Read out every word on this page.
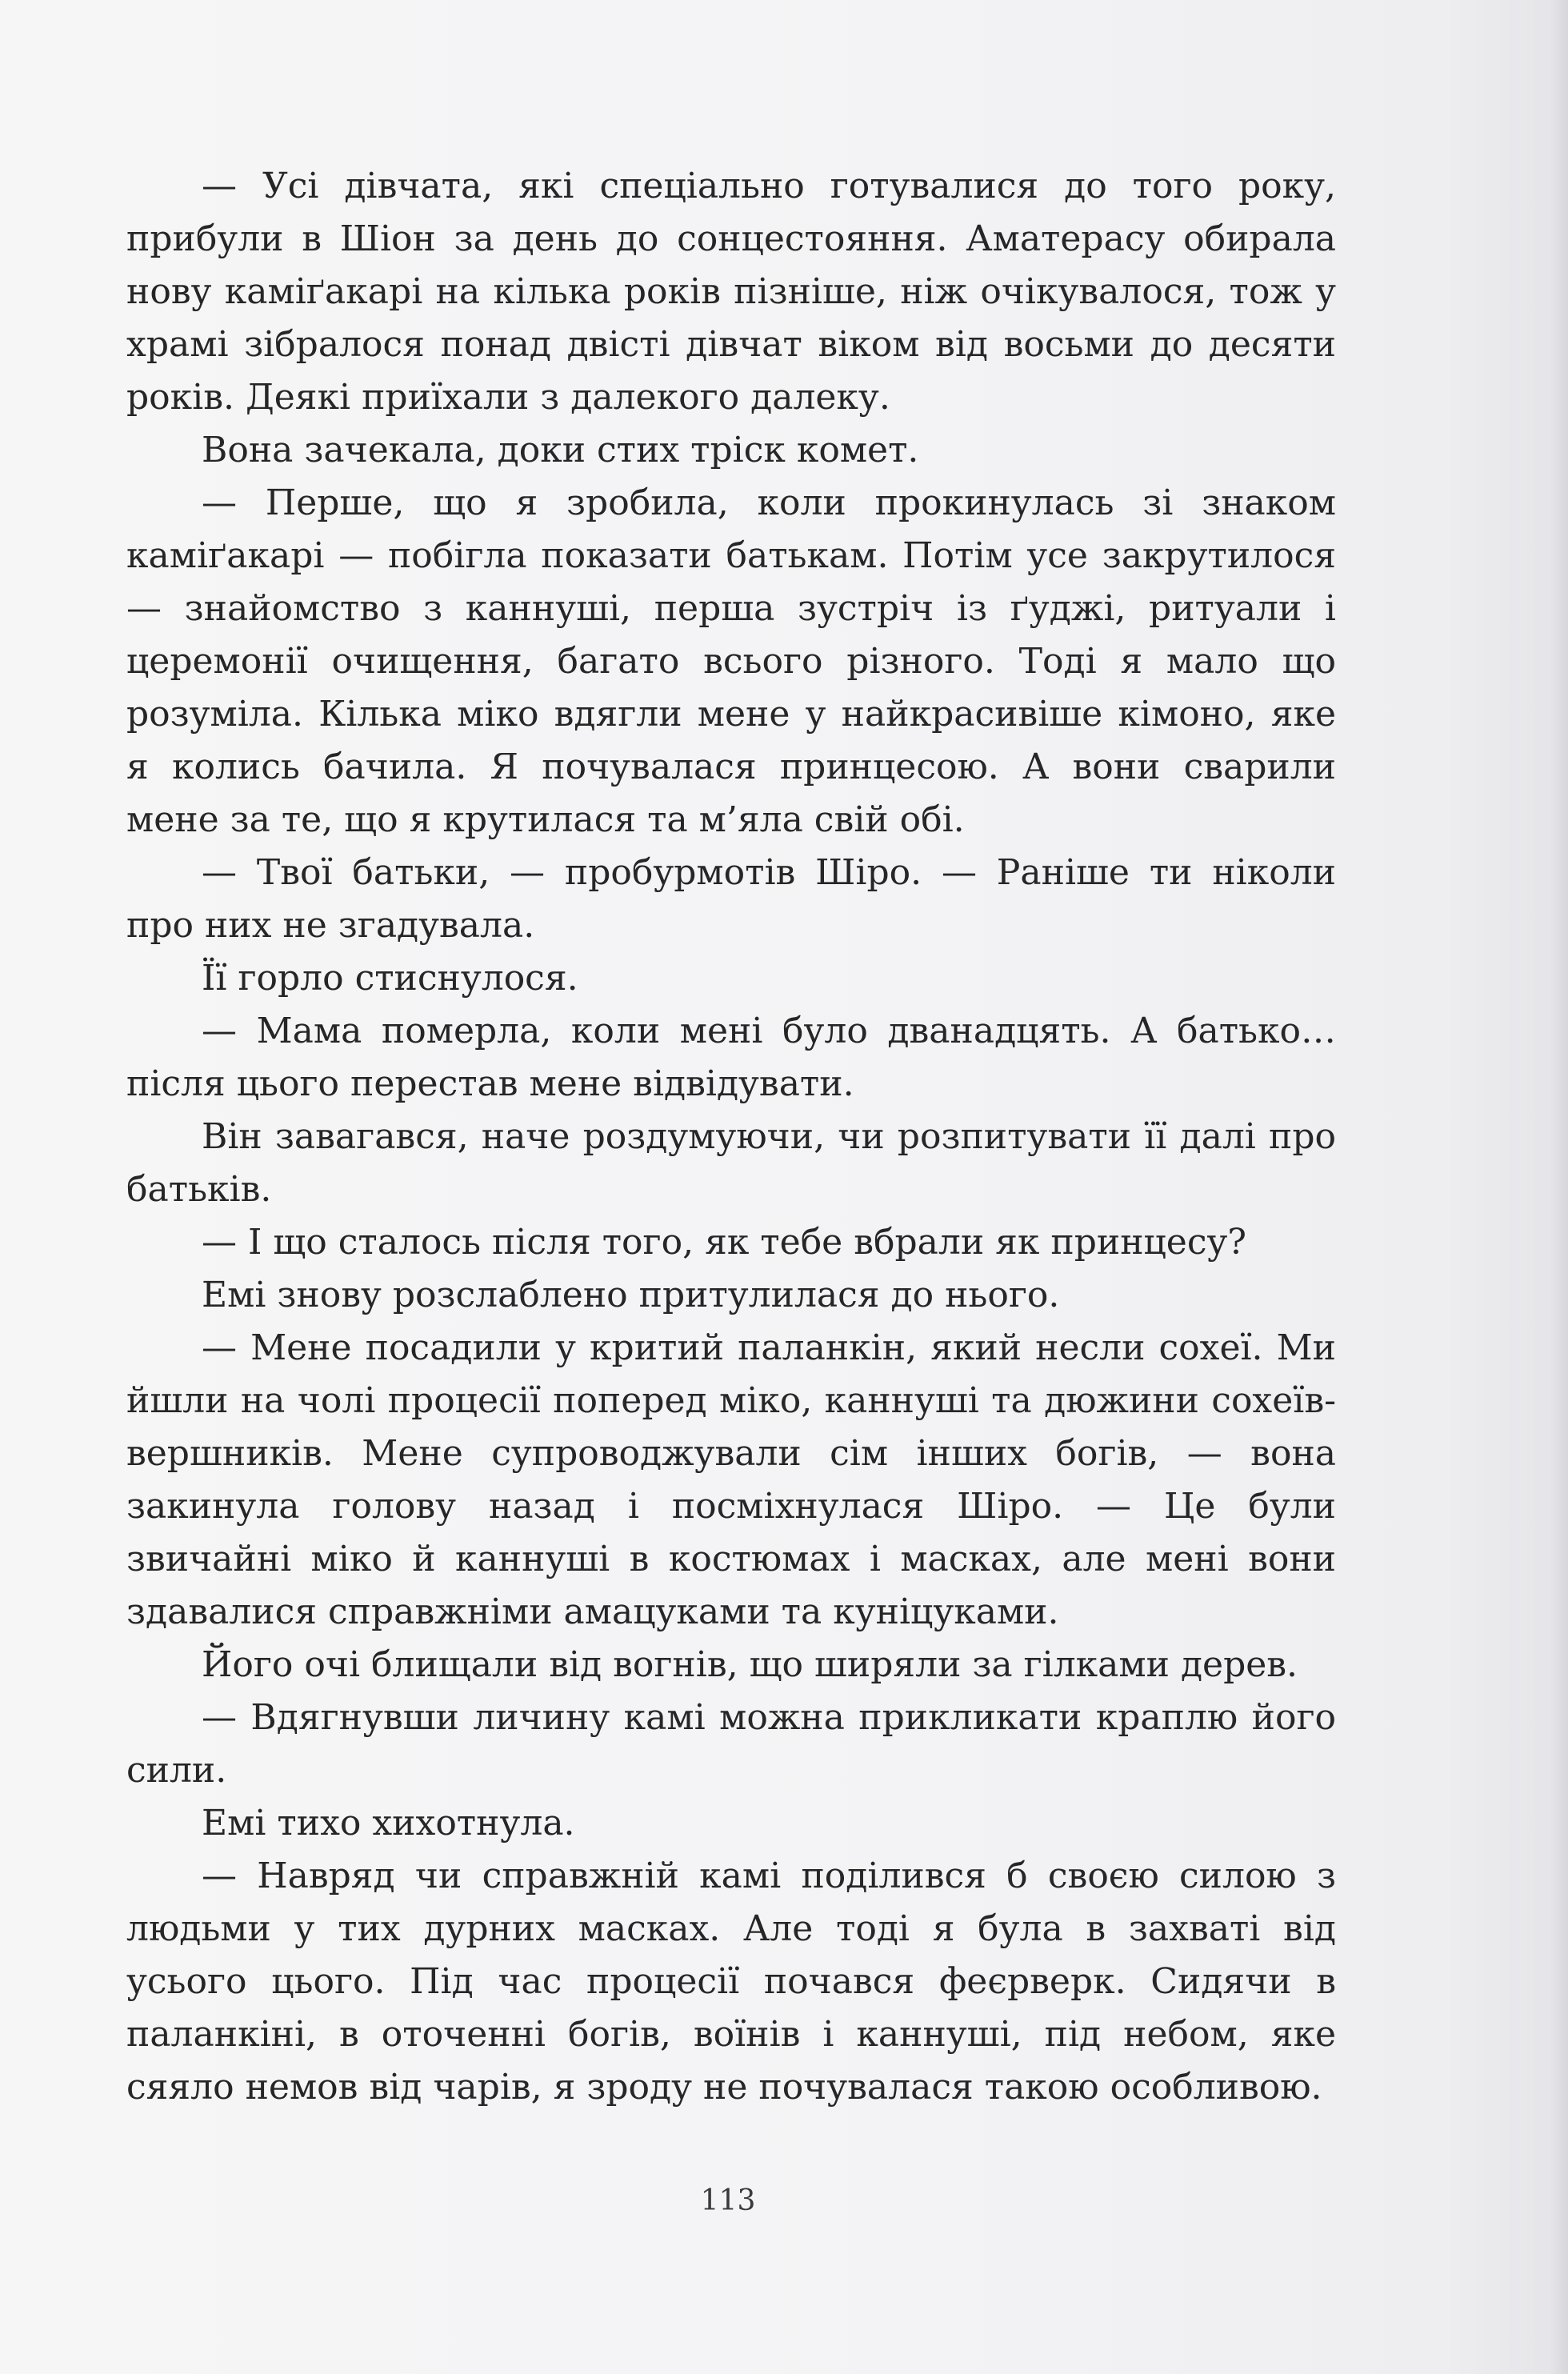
— Усі дівчата, які спеціально готувалися до того року, прибули в Шіон за день до сонцестояння. Аматерасу обирала нову каміґакарі на кілька років пізніше, ніж очікувалося, тож у храмі зібралося понад двісті дівчат віком від восьми до десяти років. Деякі приїхали з далекого далеку.

Вона зачекала, доки стих тріск комет.

— Перше, що я зробила, коли прокинулась зі знаком каміґакарі — побігла показати батькам. Потім усе закрутилося — знайомство з каннуші, перша зустріч із ґуджі, ритуали і церемонії очищення, багато всього різного. Тоді я мало що розуміла. Кілька міко вдягли мене у найкрасивіше кімоно, яке я колись бачила. Я почувалася принцесою. А вони сварили мене за те, що я крутилася та м’яла свій обі.

— Твої батьки, — пробурмотів Шіро. — Раніше ти ніколи про них не згадувала.

Її горло стиснулося.

— Мама померла, коли мені було дванадцять. А батько… після цього перестав мене відвідувати.

Він завагався, наче роздумуючи, чи розпитувати її далі про батьків.

— І що сталось після того, як тебе вбрали як принцесу?

Емі знову розслаблено притулилася до нього.

— Мене посадили у критий паланкін, який несли сохеї. Ми йшли на чолі процесії поперед міко, каннуші та дюжини сохеїв-вершників. Мене супроводжували сім інших богів, — вона закинула голову назад і посміхнулася Шіро. — Це були звичайні міко й каннуші в костюмах і масках, але мені вони здавалися справжніми амацуками та куніцуками.

Його очі блищали від вогнів, що ширяли за гілками дерев.

— Вдягнувши личину камі можна прикликати краплю його сили.

Емі тихо хихотнула.

— Навряд чи справжній камі поділився б своєю силою з людьми у тих дурних масках. Але тоді я була в захваті від усього цього. Під час процесії почався феєрверк. Сидячи в паланкіні, в оточенні богів, воїнів і каннуші, під небом, яке сяяло немов від чарів, я зроду не почувалася такою особливою.

113
